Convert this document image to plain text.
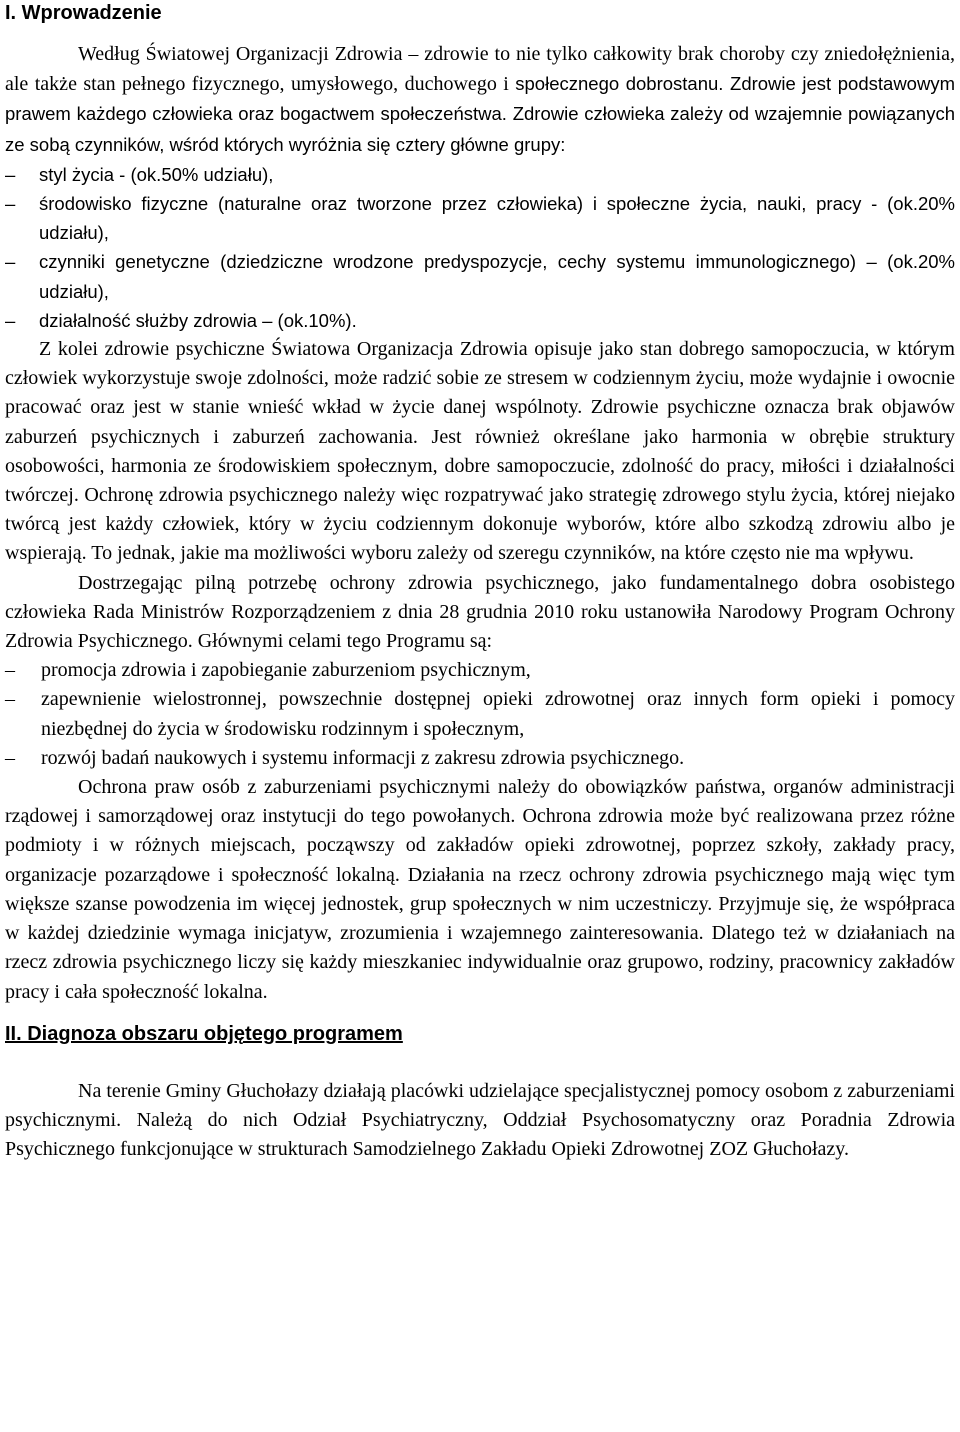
I. Wprowadzenie

Według Światowej Organizacji Zdrowia – zdrowie to nie tylko całkowity brak choroby czy zniedołężnienia, ale także stan pełnego fizycznego, umysłowego, duchowego i społecznego dobrostanu. Zdrowie jest podstawowym prawem każdego człowieka oraz bogactwem społeczeństwa. Zdrowie człowieka zależy od wzajemnie powiązanych ze sobą czynników, wśród których wyróżnia się cztery główne grupy:

– styl życia - (ok.50% udziału),
– środowisko fizyczne (naturalne oraz tworzone przez człowieka) i społeczne życia, nauki, pracy - (ok.20% udziału),
– czynniki genetyczne (dziedziczne wrodzone predyspozycje, cechy systemu immunologicznego) – (ok.20% udziału),
– działalność służby zdrowia – (ok.10%).

Z kolei zdrowie psychiczne Światowa Organizacja Zdrowia opisuje jako stan dobrego samopoczucia, w którym człowiek wykorzystuje swoje zdolności, może radzić sobie ze stresem w codziennym życiu, może wydajnie i owocnie pracować oraz jest w stanie wnieść wkład w życie danej wspólnoty. Zdrowie psychiczne oznacza brak objawów zaburzeń psychicznych i zaburzeń zachowania. Jest również określane jako harmonia w obrębie struktury osobowości, harmonia ze środowiskiem społecznym, dobre samopoczucie, zdolność do pracy, miłości i działalności twórczej. Ochronę zdrowia psychicznego należy więc rozpatrywać jako strategię zdrowego stylu życia, której niejako twórcą jest każdy człowiek, który w życiu codziennym dokonuje wyborów, które albo szkodzą zdrowiu albo je wspierają. To jednak, jakie ma możliwości wyboru zależy od szeregu czynników, na które często nie ma wpływu.

Dostrzegając pilną potrzebę ochrony zdrowia psychicznego, jako fundamentalnego dobra osobistego człowieka Rada Ministrów Rozporządzeniem z dnia 28 grudnia 2010 roku ustanowiła Narodowy Program Ochrony Zdrowia Psychicznego. Głównymi celami tego Programu są:

– promocja zdrowia i zapobieganie zaburzeniom psychicznym,
– zapewnienie wielostronnej, powszechnie dostępnej opieki zdrowotnej oraz innych form opieki i pomocy niezbędnej do życia w środowisku rodzinnym i społecznym,
– rozwój badań naukowych i systemu informacji z zakresu zdrowia psychicznego.

Ochrona praw osób z zaburzeniami psychicznymi należy do obowiązków państwa, organów administracji rządowej i samorządowej oraz instytucji do tego powołanych. Ochrona zdrowia może być realizowana przez różne podmioty i w różnych miejscach, począwszy od zakładów opieki zdrowotnej, poprzez szkoły, zakłady pracy, organizacje pozarządowe i społeczność lokalną. Działania na rzecz ochrony zdrowia psychicznego mają więc tym większe szanse powodzenia im więcej jednostek, grup społecznych w nim uczestniczy. Przyjmuje się, że współpraca w każdej dziedzinie wymaga inicjatyw, zrozumienia i wzajemnego zainteresowania. Dlatego też w działaniach na rzecz zdrowia psychicznego liczy się każdy mieszkaniec indywidualnie oraz grupowo, rodziny, pracownicy zakładów pracy i cała społeczność lokalna.

II. Diagnoza obszaru objętego programem

Na terenie Gminy Głuchołazy działają placówki udzielające specjalistycznej pomocy osobom z zaburzeniami psychicznymi. Należą do nich Odział Psychiatryczny, Oddział Psychosomatyczny oraz Poradnia Zdrowia Psychicznego funkcjonujące w strukturach Samodzielnego Zakładu Opieki Zdrowotnej ZOZ Głuchołazy.
